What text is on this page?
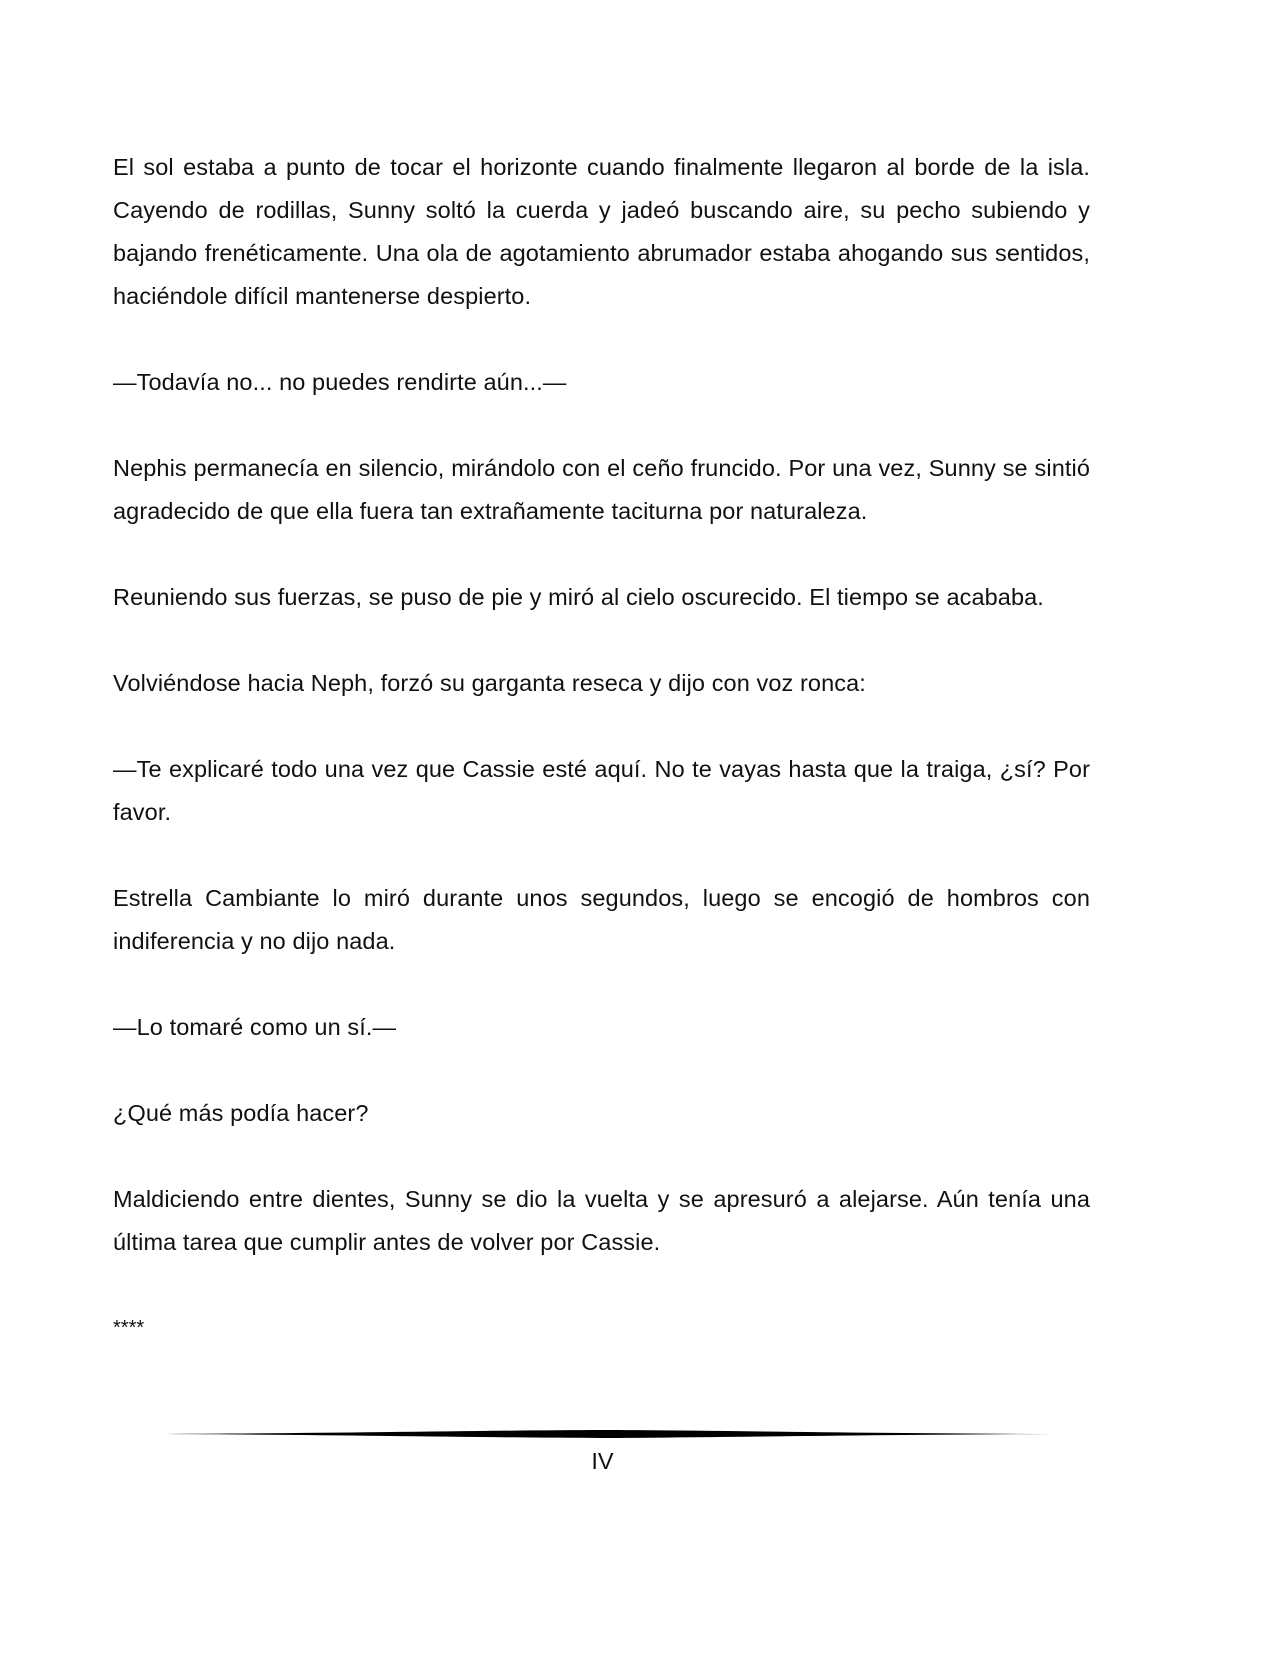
El sol estaba a punto de tocar el horizonte cuando finalmente llegaron al borde de la isla. Cayendo de rodillas, Sunny soltó la cuerda y jadeó buscando aire, su pecho subiendo y bajando frenéticamente. Una ola de agotamiento abrumador estaba ahogando sus sentidos, haciéndole difícil mantenerse despierto.

—Todavía no... no puedes rendirte aún...—

Nephis permanecía en silencio, mirándolo con el ceño fruncido. Por una vez, Sunny se sintió agradecido de que ella fuera tan extrañamente taciturna por naturaleza.

Reuniendo sus fuerzas, se puso de pie y miró al cielo oscurecido. El tiempo se acababa.

Volviéndose hacia Neph, forzó su garganta reseca y dijo con voz ronca:

—Te explicaré todo una vez que Cassie esté aquí. No te vayas hasta que la traiga, ¿sí? Por favor.

Estrella Cambiante lo miró durante unos segundos, luego se encogió de hombros con indiferencia y no dijo nada.

—Lo tomaré como un sí.—

¿Qué más podía hacer?

Maldiciendo entre dientes, Sunny se dio la vuelta y se apresuró a alejarse. Aún tenía una última tarea que cumplir antes de volver por Cassie.

****

IV
